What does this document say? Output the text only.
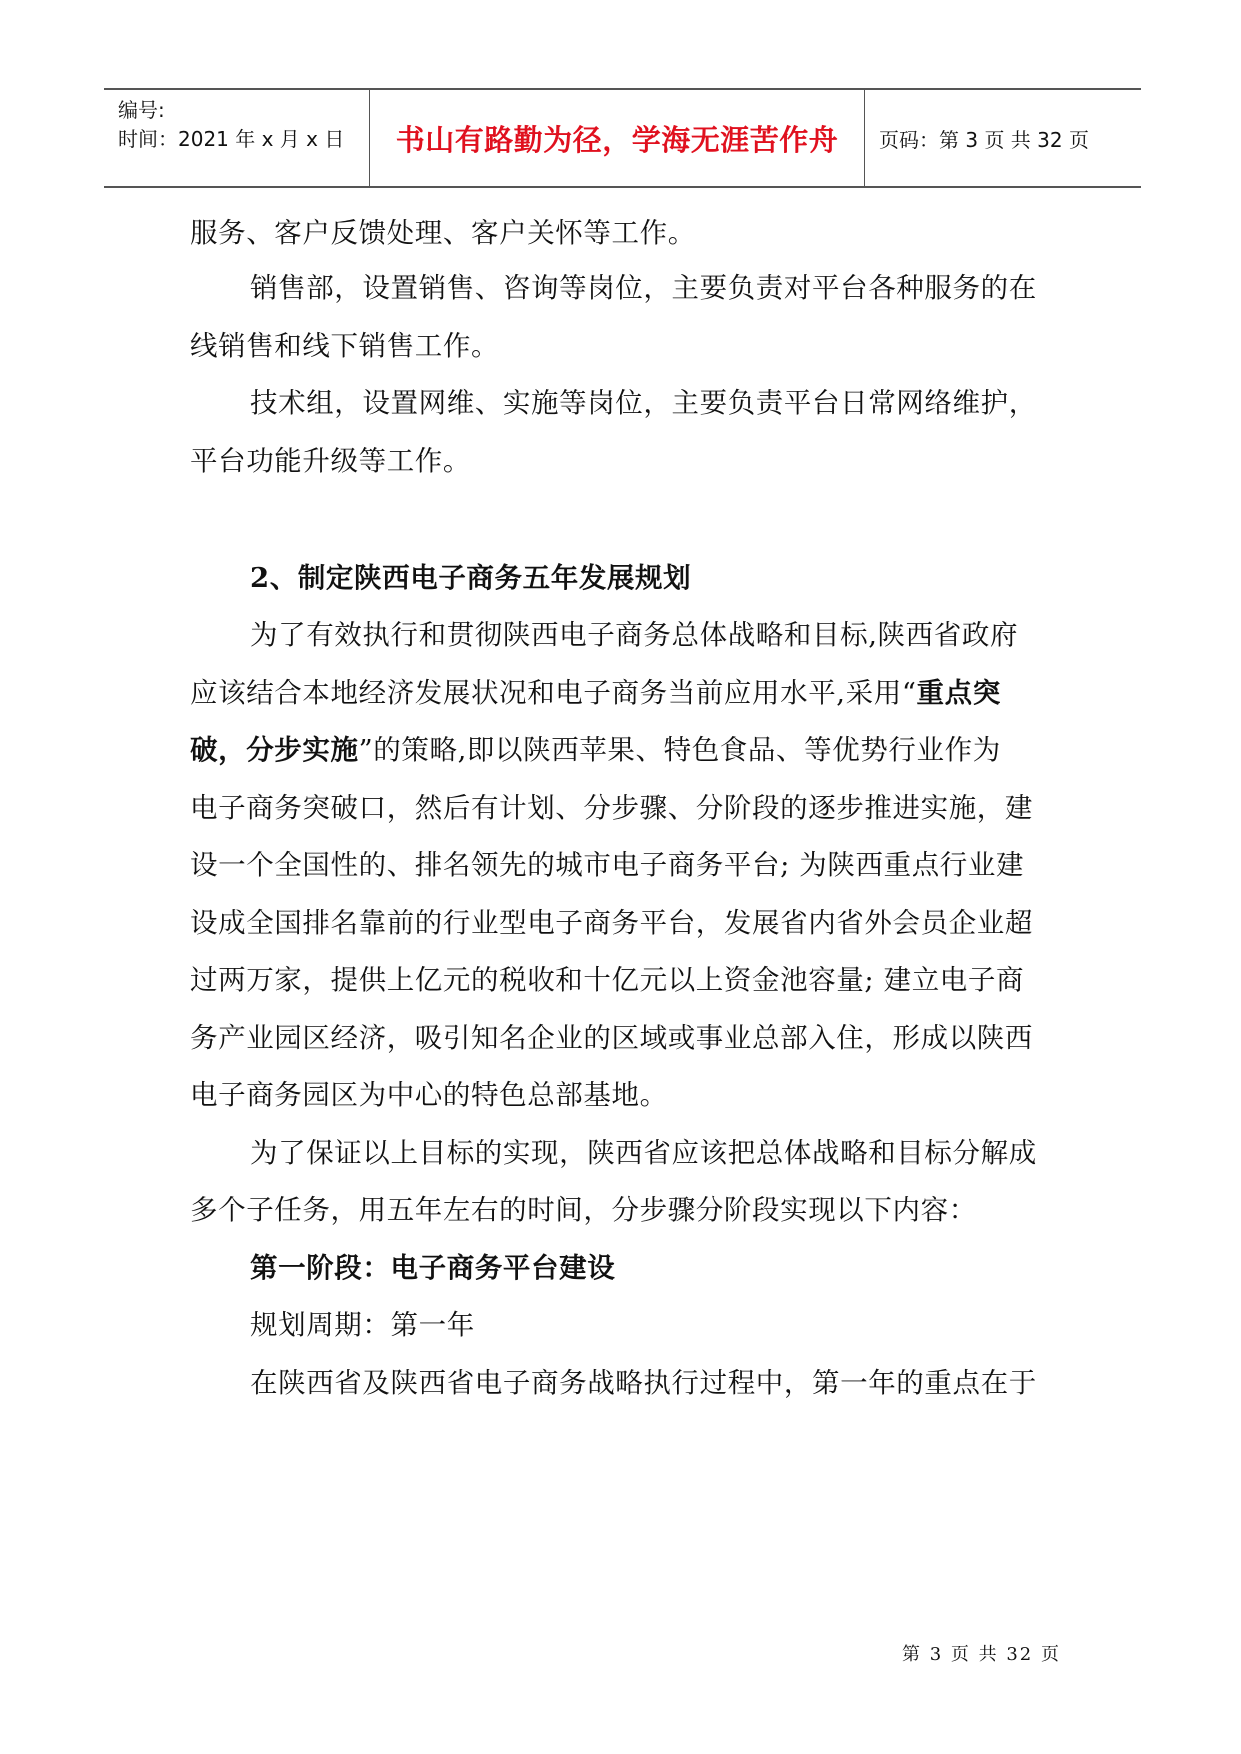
编号:
时间：2021 年 x 月 x 日	书山有路勤为径，学海无涯苦作舟	页码：第 3 页 共 32 页
服务、客户反馈处理、客户关怀等工作。
销售部，设置销售、咨询等岗位，主要负责对平台各种服务的在
线销售和线下销售工作。
技术组，设置网维、实施等岗位，主要负责平台日常网络维护，
平台功能升级等工作。
2、制定陕西电子商务五年发展规划
为了有效执行和贯彻陕西电子商务总体战略和目标,陕西省政府
应该结合本地经济发展状况和电子商务当前应用水平,采用“重点突
破，分步实施”的策略,即以陕西苹果、特色食品、等优势行业作为
电子商务突破口，然后有计划、分步骤、分阶段的逐步推进实施，建
设一个全国性的、排名领先的城市电子商务平台; 为陕西重点行业建
设成全国排名靠前的行业型电子商务平台，发展省内省外会员企业超
过两万家，提供上亿元的税收和十亿元以上资金池容量; 建立电子商
务产业园区经济，吸引知名企业的区域或事业总部入住，形成以陕西
电子商务园区为中心的特色总部基地。
为了保证以上目标的实现，陕西省应该把总体战略和目标分解成
多个子任务，用五年左右的时间，分步骤分阶段实现以下内容：
第一阶段：电子商务平台建设
规划周期：第一年
在陕西省及陕西省电子商务战略执行过程中，第一年的重点在于
第 3 页 共 32 页
